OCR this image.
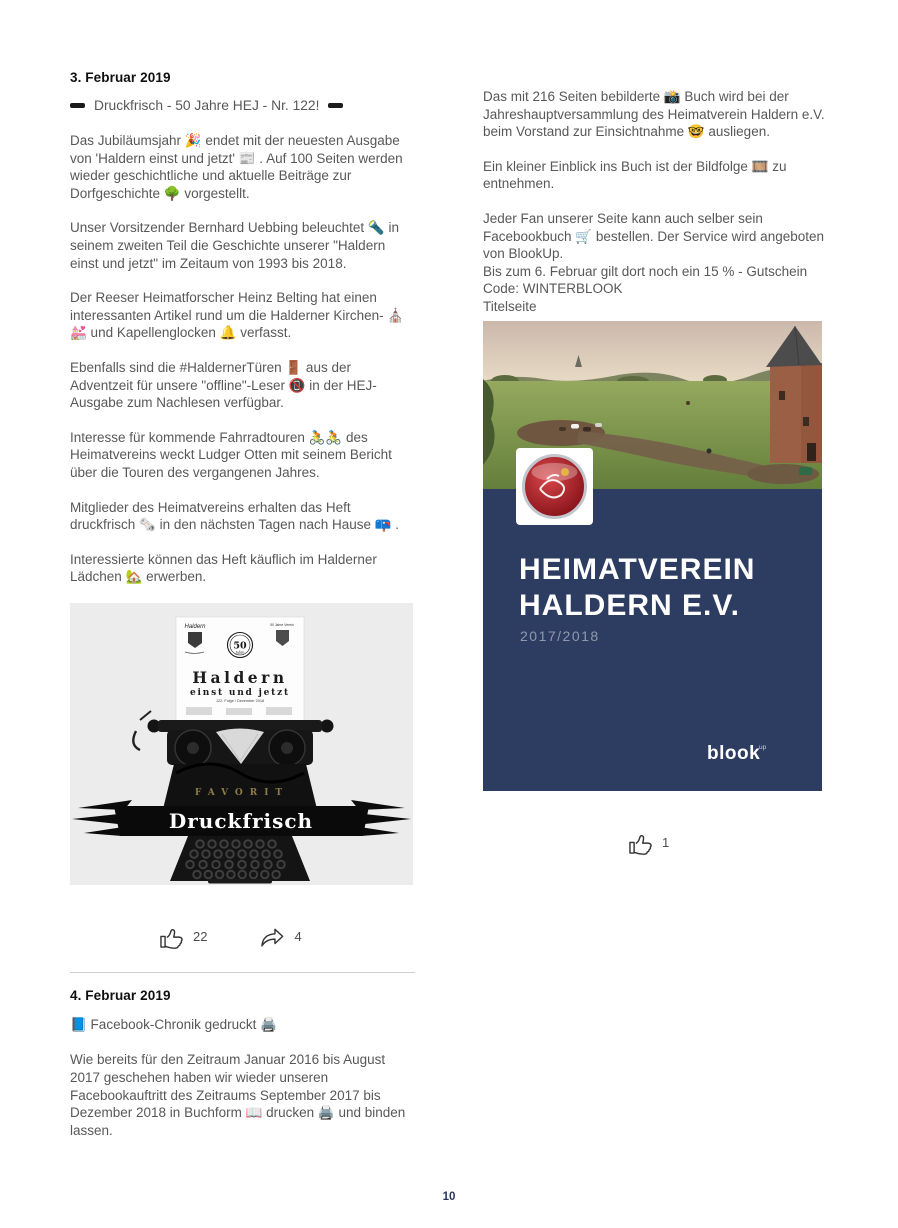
3. Februar 2019
Druckfrisch - 50 Jahre HEJ - Nr. 122!

Das Jubiläumsjahr 🎉 endet mit der neuesten Ausgabe von 'Haldern einst und jetzt' 📰 . Auf 100 Seiten werden wieder geschichtliche und aktuelle Beiträge zur Dorfgeschichte 🌳 vorgestellt.

Unser Vorsitzender Bernhard Uebbing beleuchtet 🔦 in seinem zweiten Teil die Geschichte unserer "Haldern einst und jetzt" im Zeitaum von 1993 bis 2018.

Der Reeser Heimatforscher Heinz Belting hat einen interessanten Artikel rund um die Halderner Kirchen- ⛪💒 und Kapellenglocken 🔔 verfasst.

Ebenfalls sind die #HaldernerTüren 🚪 aus der Adventzeit für unsere "offline"-Leser 📵 in der HEJ-Ausgabe zum Nachlesen verfügbar.

Interesse für kommende Fahrradtouren 🚴🚴 des Heimatvereins weckt Ludger Otten mit seinem Bericht über die Touren des vergangenen Jahres.

Mitglieder des Heimatvereins erhalten das Heft druckfrisch 🗞️ in den nächsten Tagen nach Hause 📪 .

Interessierte können das Heft käuflich im Halderner Lädchen 🏡 erwerben.

Haldern
50
Jahre
50 Jahre Verein
Haldern
einst und jetzt
122. Folge / Dezember 2018
FAVORIT
Druckfrisch
22	4
4. Februar 2019

📘 Facebook-Chronik gedruckt 🖨️

Wie bereits für den Zeitraum Januar 2016 bis August 2017 geschehen haben wir wieder unseren Facebookauftritt des Zeitraums September 2017 bis Dezember 2018 in Buchform 📖 drucken 🖨️ und binden lassen.

Das mit 216 Seiten bebilderte 📸 Buch wird bei der Jahreshauptversammlung des Heimatverein Haldern e.V. beim Vorstand zur Einsichtnahme 🤓 ausliegen.

Ein kleiner Einblick ins Buch ist der Bildfolge 🎞️ zu entnehmen.

Jeder Fan unserer Seite kann auch selber sein Facebookbuch 🛒 bestellen. Der Service wird angeboten von BlookUp.
Bis zum 6. Februar gilt dort noch ein 15 % - Gutschein Code: WINTERBLOOK
Titelseite
HEIMATVEREIN
HALDERN E.V.
2017/2018
blook
up
1
10
